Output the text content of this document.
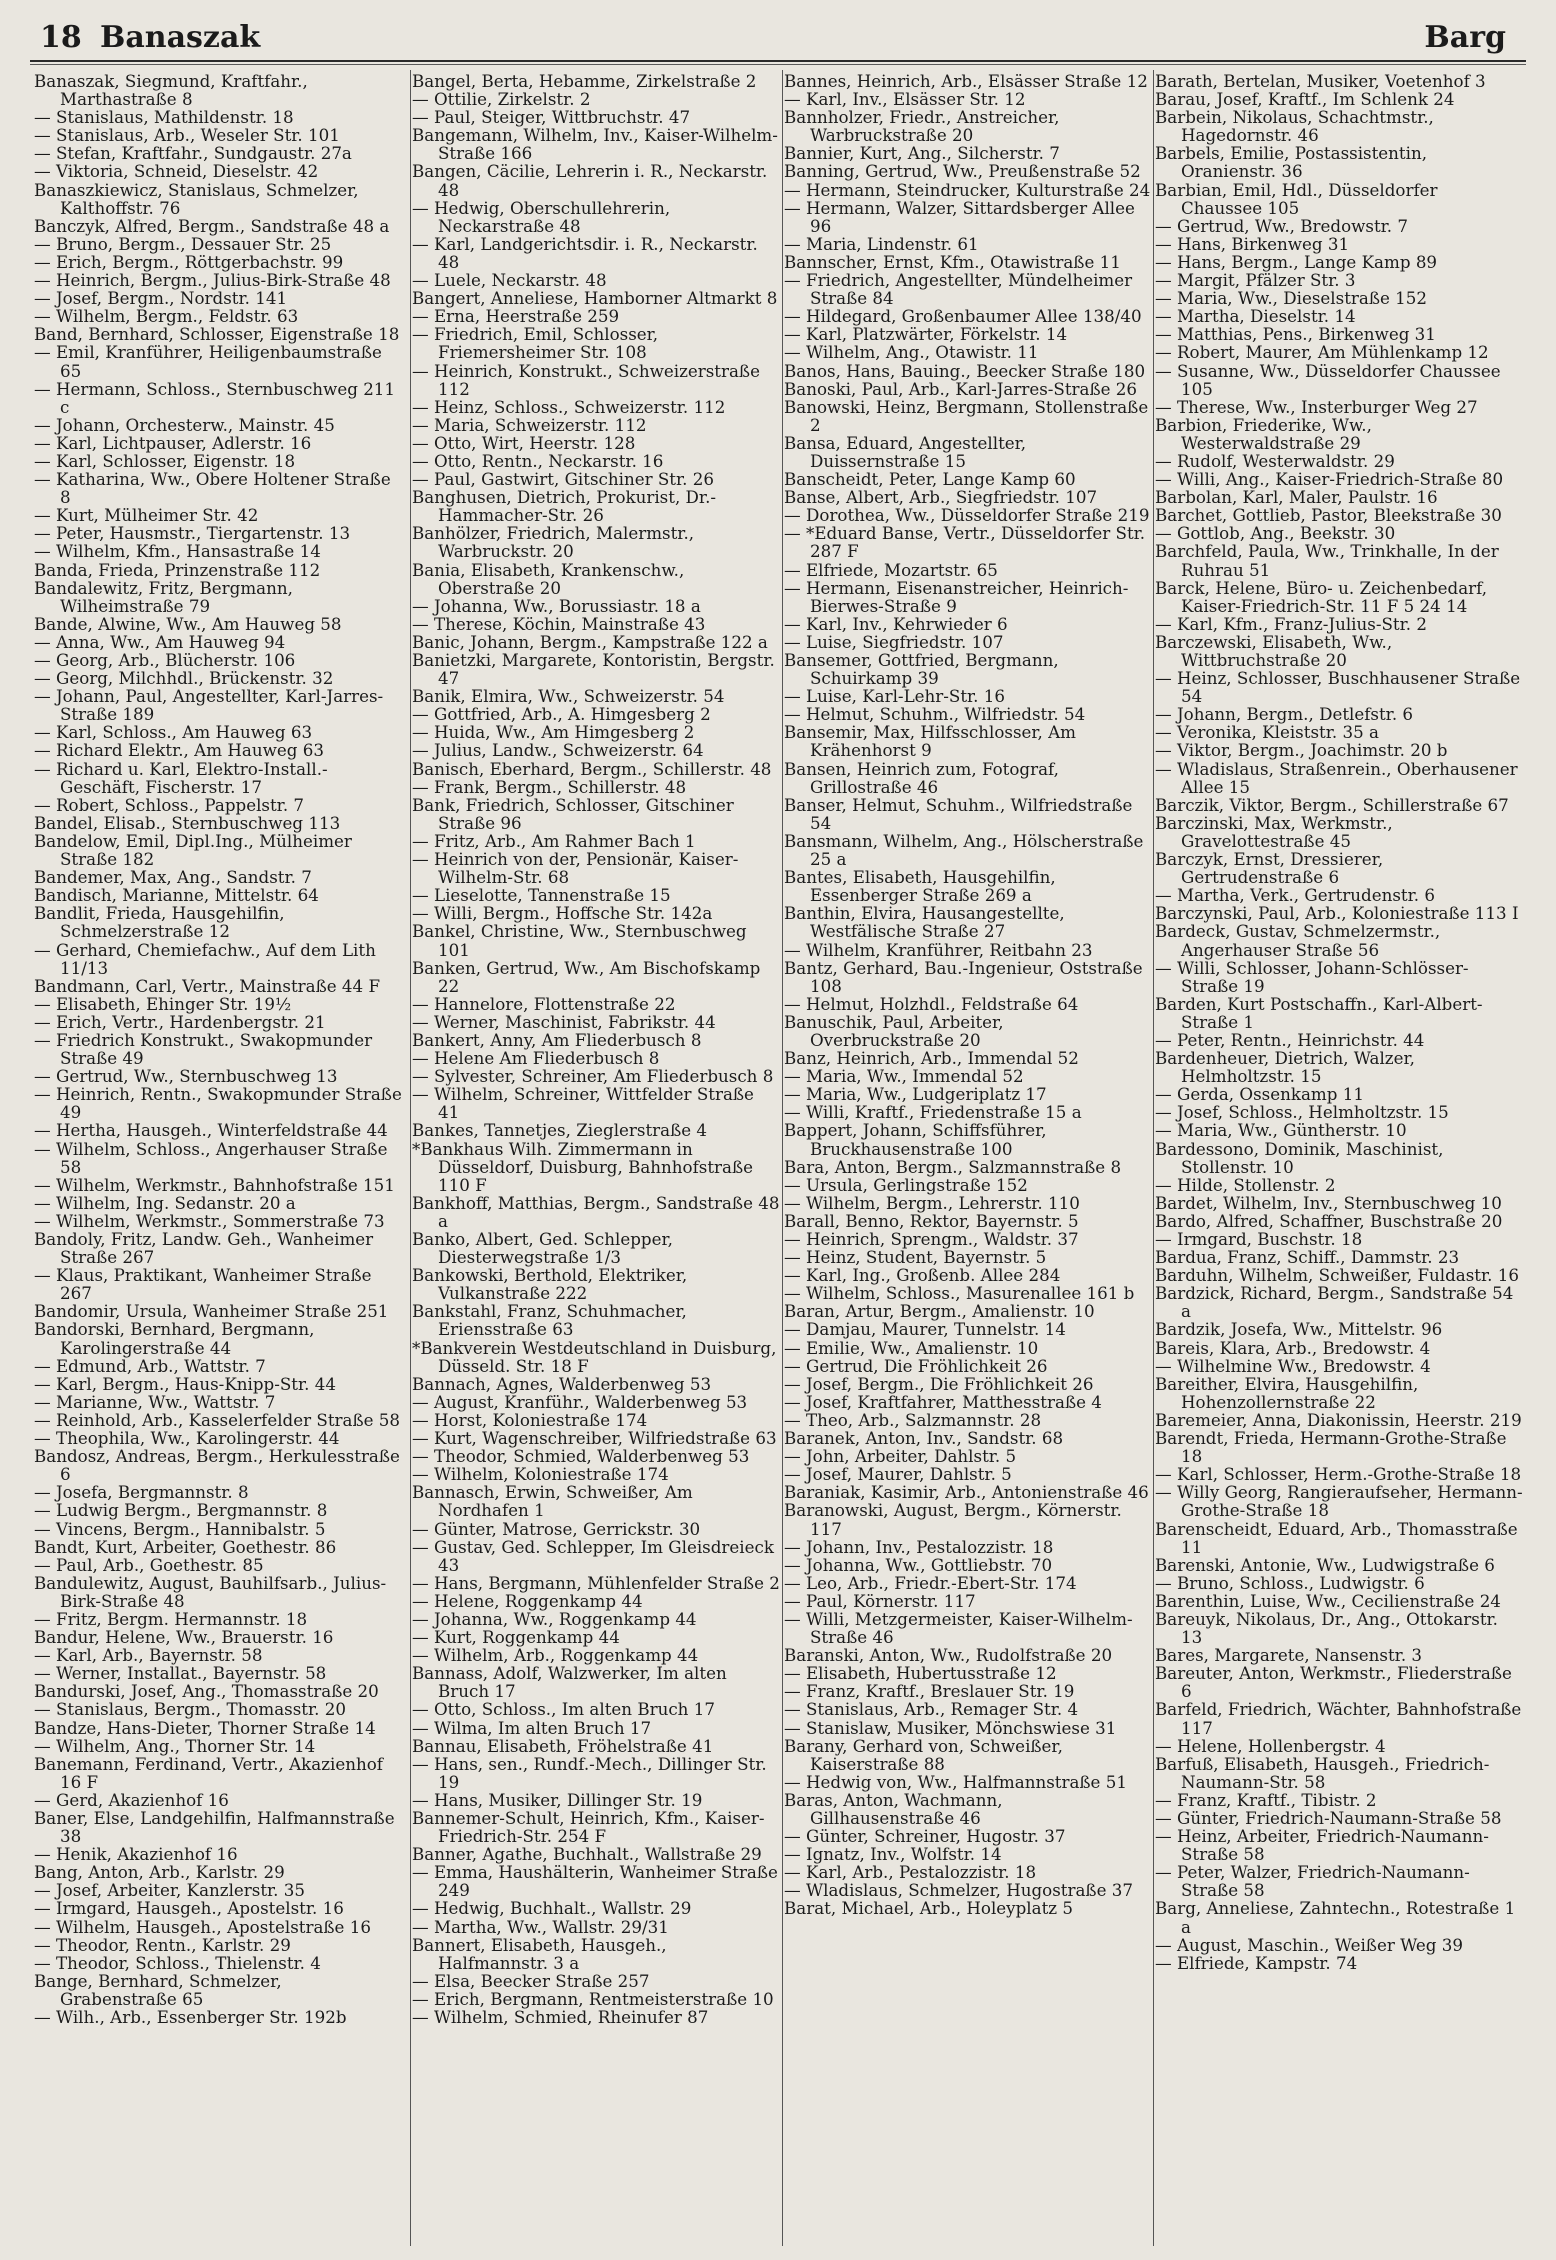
18 Banaszak	Barg
Banaszak, Siegmund, Kraftfahr., Marthastraße 8
— Stanislaus, Mathildenstr. 18
— Stanislaus, Arb., Weseler Str. 101
— Stefan, Kraftfahr., Sundgaustr. 27a
— Viktoria, Schneid, Dieselstr. 42
Banaszkiewicz, Stanislaus, Schmelzer, Kalthoffstr. 76
Banczyk, Alfred, Bergm., Sandstraße 48 a
— Bruno, Bergm., Dessauer Str. 25
— Erich, Bergm., Röttgerbachstr. 99
— Heinrich, Bergm., Julius-Birk-Straße 48
— Josef, Bergm., Nordstr. 141
— Wilhelm, Bergm., Feldstr. 63
Band, Bernhard, Schlosser, Eigenstraße 18
— Emil, Kranführer, Heiligenbaumstraße 65
— Hermann, Schloss., Sternbuschweg 211 c
— Johann, Orchesterw., Mainstr. 45
— Karl, Lichtpauser, Adlerstr. 16
— Karl, Schlosser, Eigenstr. 18
— Katharina, Ww., Obere Holtener Straße 8
— Kurt, Mülheimer Str. 42
— Peter, Hausmstr., Tiergartenstr. 13
— Wilhelm, Kfm., Hansastraße 14
Banda, Frieda, Prinzenstraße 112
Bandalewitz, Fritz, Bergmann, Wilheimstraße 79
Bande, Alwine, Ww., Am Hauweg 58
— Anna, Ww., Am Hauweg 94
— Georg, Arb., Blücherstr. 106
— Georg, Milchhdl., Brückenstr. 32
— Johann, Paul, Angestellter, Karl-Jarres-Straße 189
— Karl, Schloss., Am Hauweg 63
— Richard Elektr., Am Hauweg 63
— Richard u. Karl, Elektro-Install.-Geschäft, Fischerstr. 17
— Robert, Schloss., Pappelstr. 7
Bandel, Elisab., Sternbuschweg 113
Bandelow, Emil, Dipl.Ing., Mülheimer Straße 182
Bandemer, Max, Ang., Sandstr. 7
Bandisch, Marianne, Mittelstr. 64
Bandlit, Frieda, Hausgehilfin, Schmelzerstraße 12
— Gerhard, Chemiefachw., Auf dem Lith 11/13
Bandmann, Carl, Vertr., Mainstraße 44 F
— Elisabeth, Ehinger Str. 19½
— Erich, Vertr., Hardenbergstr. 21
— Friedrich Konstrukt., Swakopmunder Straße 49
— Gertrud, Ww., Sternbuschweg 13
— Heinrich, Rentn., Swakopmunder Straße 49
— Hertha, Hausgeh., Winterfeldstraße 44
— Wilhelm, Schloss., Angerhauser Straße 58
— Wilhelm, Werkmstr., Bahnhofstraße 151
— Wilhelm, Ing. Sedanstr. 20 a
— Wilhelm, Werkmstr., Sommerstraße 73
Bandoly, Fritz, Landw. Geh., Wanheimer Straße 267
— Klaus, Praktikant, Wanheimer Straße 267
Bandomir, Ursula, Wanheimer Straße 251
Bandorski, Bernhard, Bergmann, Karolingerstraße 44
— Edmund, Arb., Wattstr. 7
— Karl, Bergm., Haus-Knipp-Str. 44
— Marianne, Ww., Wattstr. 7
— Reinhold, Arb., Kasselerfelder Straße 58
— Theophila, Ww., Karolingerstr. 44
Bandosz, Andreas, Bergm., Herkulesstraße 6
— Josefa, Bergmannstr. 8
— Ludwig Bergm., Bergmannstr. 8
— Vincens, Bergm., Hannibalstr. 5
Bandt, Kurt, Arbeiter, Goethestr. 86
— Paul, Arb., Goethestr. 85
Bandulewitz, August, Bauhilfsarb., Julius-Birk-Straße 48
— Fritz, Bergm. Hermannstr. 18
Bandur, Helene, Ww., Brauerstr. 16
— Karl, Arb., Bayernstr. 58
— Werner, Installat., Bayernstr. 58
Bandurski, Josef, Ang., Thomasstraße 20
— Stanislaus, Bergm., Thomasstr. 20
Bandze, Hans-Dieter, Thorner Straße 14
— Wilhelm, Ang., Thorner Str. 14
Banemann, Ferdinand, Vertr., Akazienhof 16 F
— Gerd, Akazienhof 16
Baner, Else, Landgehilfin, Halfmannstraße 38
— Henik, Akazienhof 16
Bang, Anton, Arb., Karlstr. 29
— Josef, Arbeiter, Kanzlerstr. 35
— Irmgard, Hausgeh., Apostelstr. 16
— Wilhelm, Hausgeh., Apostelstraße 16
— Theodor, Rentn., Karlstr. 29
— Theodor, Schloss., Thielenstr. 4
Bange, Bernhard, Schmelzer, Grabenstraße 65
— Wilh., Arb., Essenberger Str. 192b
Bangel, Berta, Hebamme, Zirkelstraße 2
— Ottilie, Zirkelstr. 2
— Paul, Steiger, Wittbruchstr. 47
Bangemann, Wilhelm, Inv., Kaiser-Wilhelm-Straße 166
Bangen, Cäcilie, Lehrerin i. R., Neckarstr. 48
— Hedwig, Oberschullehrerin, Neckarstraße 48
— Karl, Landgerichtsdir. i. R., Neckarstr. 48
— Luele, Neckarstr. 48
Bangert, Anneliese, Hamborner Altmarkt 8
— Erna, Heerstraße 259
— Friedrich, Emil, Schlosser, Friemersheimer Str. 108
— Heinrich, Konstrukt., Schweizerstraße 112
— Heinz, Schloss., Schweizerstr. 112
— Maria, Schweizerstr. 112
— Otto, Wirt, Heerstr. 128
— Otto, Rentn., Neckarstr. 16
— Paul, Gastwirt, Gitschiner Str. 26
Banghusen, Dietrich, Prokurist, Dr.-Hammacher-Str. 26
Banhölzer, Friedrich, Malermstr., Warbruckstr. 20
Bania, Elisabeth, Krankenschw., Oberstraße 20
— Johanna, Ww., Borussiastr. 18 a
— Therese, Köchin, Mainstraße 43
Banic, Johann, Bergm., Kampstraße 122 a
Banietzki, Margarete, Kontoristin, Bergstr. 47
Banik, Elmira, Ww., Schweizerstr. 54
— Gottfried, Arb., A. Himgesberg 2
— Huida, Ww., Am Himgesberg 2
— Julius, Landw., Schweizerstr. 64
Banisch, Eberhard, Bergm., Schillerstr. 48
— Frank, Bergm., Schillerstr. 48
Bank, Friedrich, Schlosser, Gitschiner Straße 96
— Fritz, Arb., Am Rahmer Bach 1
— Heinrich von der, Pensionär, Kaiser-Wilhelm-Str. 68
— Lieselotte, Tannenstraße 15
— Willi, Bergm., Hoffsche Str. 142a
Bankel, Christine, Ww., Sternbuschweg 101
Banken, Gertrud, Ww., Am Bischofskamp 22
— Hannelore, Flottenstraße 22
— Werner, Maschinist, Fabrikstr. 44
Bankert, Anny, Am Fliederbusch 8
— Helene Am Fliederbusch 8
— Sylvester, Schreiner, Am Fliederbusch 8
— Wilhelm, Schreiner, Wittfelder Straße 41
Bankes, Tannetjes, Zieglerstraße 4
*Bankhaus Wilh. Zimmermann in Düsseldorf, Duisburg, Bahnhofstraße 110 F
Bankhoff, Matthias, Bergm., Sandstraße 48 a
Banko, Albert, Ged. Schlepper, Diesterwegstraße 1/3
Bankowski, Berthold, Elektriker, Vulkanstraße 222
Bankstahl, Franz, Schuhmacher, Eriensstraße 63
*Bankverein Westdeutschland in Duisburg, Düsseld. Str. 18 F
Bannach, Agnes, Walderbenweg 53
— August, Kranführ., Walderbenweg 53
— Horst, Koloniestraße 174
— Kurt, Wagenschreiber, Wilfriedstraße 63
— Theodor, Schmied, Walderbenweg 53
— Wilhelm, Koloniestraße 174
Bannasch, Erwin, Schweißer, Am Nordhafen 1
— Günter, Matrose, Gerrickstr. 30
— Gustav, Ged. Schlepper, Im Gleisdreieck 43
— Hans, Bergmann, Mühlenfelder Straße 2
— Helene, Roggenkamp 44
— Johanna, Ww., Roggenkamp 44
— Kurt, Roggenkamp 44
— Wilhelm, Arb., Roggenkamp 44
Bannass, Adolf, Walzwerker, Im alten Bruch 17
— Otto, Schloss., Im alten Bruch 17
— Wilma, Im alten Bruch 17
Bannau, Elisabeth, Fröhelstraße 41
— Hans, sen., Rundf.-Mech., Dillinger Str. 19
— Hans, Musiker, Dillinger Str. 19
Bannemer-Schult, Heinrich, Kfm., Kaiser-Friedrich-Str. 254 F
Banner, Agathe, Buchhalt., Wallstraße 29
— Emma, Haushälterin, Wanheimer Straße 249
— Hedwig, Buchhalt., Wallstr. 29
— Martha, Ww., Wallstr. 29/31
Bannert, Elisabeth, Hausgeh., Halfmannstr. 3 a
— Elsa, Beecker Straße 257
— Erich, Bergmann, Rentmeisterstraße 10
— Wilhelm, Schmied, Rheinufer 87
Bannes, Heinrich, Arb., Elsässer Straße 12
— Karl, Inv., Elsässer Str. 12
Bannholzer, Friedr., Anstreicher, Warbruckstraße 20
Bannier, Kurt, Ang., Silcherstr. 7
Banning, Gertrud, Ww., Preußenstraße 52
— Hermann, Steindrucker, Kulturstraße 24
— Hermann, Walzer, Sittardsberger Allee 96
— Maria, Lindenstr. 61
Bannscher, Ernst, Kfm., Otawistraße 11
— Friedrich, Angestellter, Mündelheimer Straße 84
— Hildegard, Großenbaumer Allee 138/40
— Karl, Platzwärter, Förkelstr. 14
— Wilhelm, Ang., Otawistr. 11
Banos, Hans, Bauing., Beecker Straße 180
Banoski, Paul, Arb., Karl-Jarres-Straße 26
Banowski, Heinz, Bergmann, Stollenstraße 2
Bansa, Eduard, Angestellter, Duissernstraße 15
Banscheidt, Peter, Lange Kamp 60
Banse, Albert, Arb., Siegfriedstr. 107
— Dorothea, Ww., Düsseldorfer Straße 219
— *Eduard Banse, Vertr., Düsseldorfer Str. 287 F
— Elfriede, Mozartstr. 65
— Hermann, Eisenanstreicher, Heinrich-Bierwes-Straße 9
— Karl, Inv., Kehrwieder 6
— Luise, Siegfriedstr. 107
Bansemer, Gottfried, Bergmann, Schuirkamp 39
— Luise, Karl-Lehr-Str. 16
— Helmut, Schuhm., Wilfriedstr. 54
Bansemir, Max, Hilfsschlosser, Am Krähenhorst 9
Bansen, Heinrich zum, Fotograf, Grillostraße 46
Banser, Helmut, Schuhm., Wilfriedstraße 54
Bansmann, Wilhelm, Ang., Hölscherstraße 25 a
Bantes, Elisabeth, Hausgehilfin, Essenberger Straße 269 a
Banthin, Elvira, Hausangestellte, Westfälische Straße 27
— Wilhelm, Kranführer, Reitbahn 23
Bantz, Gerhard, Bau.-Ingenieur, Oststraße 108
— Helmut, Holzhdl., Feldstraße 64
Banuschik, Paul, Arbeiter, Overbruckstraße 20
Banz, Heinrich, Arb., Immendal 52
— Maria, Ww., Immendal 52
— Maria, Ww., Ludgeriplatz 17
— Willi, Kraftf., Friedenstraße 15 a
Bappert, Johann, Schiffsführer, Bruckhausenstraße 100
Bara, Anton, Bergm., Salzmannstraße 8
— Ursula, Gerlingstraße 152
— Wilhelm, Bergm., Lehrerstr. 110
Barall, Benno, Rektor, Bayernstr. 5
— Heinrich, Sprengm., Waldstr. 37
— Heinz, Student, Bayernstr. 5
— Karl, Ing., Großenb. Allee 284
— Wilhelm, Schloss., Masurenallee 161 b
Baran, Artur, Bergm., Amalienstr. 10
— Damjau, Maurer, Tunnelstr. 14
— Emilie, Ww., Amalienstr. 10
— Gertrud, Die Fröhlichkeit 26
— Josef, Bergm., Die Fröhlichkeit 26
— Josef, Kraftfahrer, Matthesstraße 4
— Theo, Arb., Salzmannstr. 28
Baranek, Anton, Inv., Sandstr. 68
— John, Arbeiter, Dahlstr. 5
— Josef, Maurer, Dahlstr. 5
Baraniak, Kasimir, Arb., Antonienstraße 46
Baranowski, August, Bergm., Körnerstr. 117
— Johann, Inv., Pestalozzistr. 18
— Johanna, Ww., Gottliebstr. 70
— Leo, Arb., Friedr.-Ebert-Str. 174
— Paul, Körnerstr. 117
— Willi, Metzgermeister, Kaiser-Wilhelm-Straße 46
Baranski, Anton, Ww., Rudolfstraße 20
— Elisabeth, Hubertusstraße 12
— Franz, Kraftf., Breslauer Str. 19
— Stanislaus, Arb., Remager Str. 4
— Stanislaw, Musiker, Mönchswiese 31
Barany, Gerhard von, Schweißer, Kaiserstraße 88
— Hedwig von, Ww., Halfmannstraße 51
Baras, Anton, Wachmann, Gillhausenstraße 46
— Günter, Schreiner, Hugostr. 37
— Ignatz, Inv., Wolfstr. 14
— Karl, Arb., Pestalozzistr. 18
— Wladislaus, Schmelzer, Hugostraße 37
Barat, Michael, Arb., Holeyplatz 5
Barath, Bertelan, Musiker, Voetenhof 3
Barau, Josef, Kraftf., Im Schlenk 24
Barbein, Nikolaus, Schachtmstr., Hagedornstr. 46
Barbels, Emilie, Postassistentin, Oranienstr. 36
Barbian, Emil, Hdl., Düsseldorfer Chaussee 105
— Gertrud, Ww., Bredowstr. 7
— Hans, Birkenweg 31
— Hans, Bergm., Lange Kamp 89
— Margit, Pfälzer Str. 3
— Maria, Ww., Dieselstraße 152
— Martha, Dieselstr. 14
— Matthias, Pens., Birkenweg 31
— Robert, Maurer, Am Mühlenkamp 12
— Susanne, Ww., Düsseldorfer Chaussee 105
— Therese, Ww., Insterburger Weg 27
Barbion, Friederike, Ww., Westerwaldstraße 29
— Rudolf, Westerwaldstr. 29
— Willi, Ang., Kaiser-Friedrich-Straße 80
Barbolan, Karl, Maler, Paulstr. 16
Barchet, Gottlieb, Pastor, Bleekstraße 30
— Gottlob, Ang., Beekstr. 30
Barchfeld, Paula, Ww., Trinkhalle, In der Ruhrau 51
Barck, Helene, Büro- u. Zeichenbedarf, Kaiser-Friedrich-Str. 11 F 5 24 14
— Karl, Kfm., Franz-Julius-Str. 2
Barczewski, Elisabeth, Ww., Wittbruchstraße 20
— Heinz, Schlosser, Buschhausener Straße 54
— Johann, Bergm., Detlefstr. 6
— Veronika, Kleiststr. 35 a
— Viktor, Bergm., Joachimstr. 20 b
— Wladislaus, Straßenrein., Oberhausener Allee 15
Barczik, Viktor, Bergm., Schillerstraße 67
Barczinski, Max, Werkmstr., Gravelottestraße 45
Barczyk, Ernst, Dressierer, Gertrudenstraße 6
— Martha, Verk., Gertrudenstr. 6
Barczynski, Paul, Arb., Koloniestraße 113 I
Bardeck, Gustav, Schmelzermstr., Angerhauser Straße 56
— Willi, Schlosser, Johann-Schlösser-Straße 19
Barden, Kurt Postschaffn., Karl-Albert-Straße 1
— Peter, Rentn., Heinrichstr. 44
Bardenheuer, Dietrich, Walzer, Helmholtzstr. 15
— Gerda, Ossenkamp 11
— Josef, Schloss., Helmholtzstr. 15
— Maria, Ww., Güntherstr. 10
Bardessono, Dominik, Maschinist, Stollenstr. 10
— Hilde, Stollenstr. 2
Bardet, Wilhelm, Inv., Sternbuschweg 10
Bardo, Alfred, Schaffner, Buschstraße 20
— Irmgard, Buschstr. 18
Bardua, Franz, Schiff., Dammstr. 23
Barduhn, Wilhelm, Schweißer, Fuldastr. 16
Bardzick, Richard, Bergm., Sandstraße 54 a
Bardzik, Josefa, Ww., Mittelstr. 96
Bareis, Klara, Arb., Bredowstr. 4
— Wilhelmine Ww., Bredowstr. 4
Bareither, Elvira, Hausgehilfin, Hohenzollernstraße 22
Baremeier, Anna, Diakonissin, Heerstr. 219
Barendt, Frieda, Hermann-Grothe-Straße 18
— Karl, Schlosser, Herm.-Grothe-Straße 18
— Willy Georg, Rangieraufseher, Hermann-Grothe-Straße 18
Barenscheidt, Eduard, Arb., Thomasstraße 11
Barenski, Antonie, Ww., Ludwigstraße 6
— Bruno, Schloss., Ludwigstr. 6
Barenthin, Luise, Ww., Cecilienstraße 24
Bareuyk, Nikolaus, Dr., Ang., Ottokarstr. 13
Bares, Margarete, Nansenstr. 3
Bareuter, Anton, Werkmstr., Fliederstraße 6
Barfeld, Friedrich, Wächter, Bahnhofstraße 117
— Helene, Hollenbergstr. 4
Barfuß, Elisabeth, Hausgeh., Friedrich-Naumann-Str. 58
— Franz, Kraftf., Tibistr. 2
— Günter, Friedrich-Naumann-Straße 58
— Heinz, Arbeiter, Friedrich-Naumann-Straße 58
— Peter, Walzer, Friedrich-Naumann-Straße 58
Barg, Anneliese, Zahntechn., Rotestraße 1 a
— August, Maschin., Weißer Weg 39
— Elfriede, Kampstr. 74
